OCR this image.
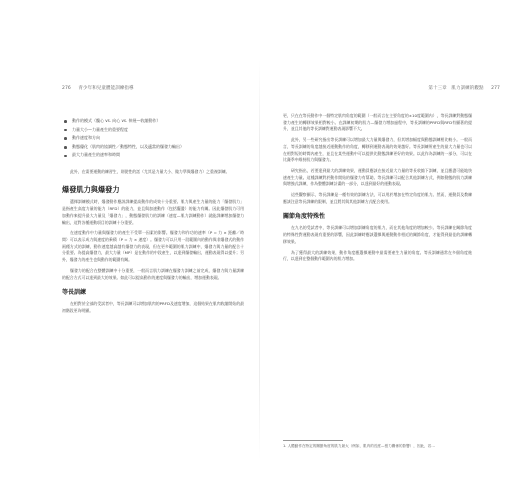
276 青少年和兒童體能訓練指導
動作的模式（髖心 vs. 向心 vs. 伸展—收縮動作）
力量大小—力量產生的重要程度
動作速度和方向
動態優化（肌肉的協調性／動態特性，以及適當的爆發力輸出）
最大力量產生的速率和時間

此外，在需要運動的練習生，則從性的話（尤其是力量大小、做力學與爆發力）之重複訓練。

爆發肌力與爆發力

選擇訓練模式時，爆發動作應該訓練提高動作的成效十分重要。肌力與產生力量的能力「爆發肌力」是指產生高度力量的能力（RFD）的能力，並且與加速動作（包括擺盪）的能力有關。因此爆發肌力可用加動作來提升最大力量及「爆發力」，動態爆發肌力的訓練（速度—肌力訓練動作）就能訓練增加爆發力輸出，這對各種運動項目的訓練十分重要。

在速度動作中力量與爆發力的產生不受單一因素的影響。爆發力和作功的速率（P = 力 × 距離／時間）可以表示成力與速度的乘積（P = 力 × 速度）。爆發力可以只用一段範圍內的動作與非爆發式的動作兩種方式的訓練，動作速度越高越有爆發力的表現，但在更多範圍的肌力訓練中，爆發力與力量的配合十分重要。為提高爆發力，最大力量（MP）是在動作的中段產生，以達到爆發輸出，運動表現得以提升；另外，爆發力的產生也與動作的範圍有關。

爆發力的配合在整體訓練中十分重要，一般而言肌力訓練在爆發力訓練之前完成，爆發力與力量訓練的配合方式可以達到最大的效果。如此可以提高動作的速度與爆發力的輸出，增加運動表現。

等長訓練

在相對於全部的受試者中，等長訓練可以增加肌肉的PRFD及速度增加，這個結果在肌肉收縮開始的最初階段更為明顯。

第十三章　肌力訓練的觀點 277

更，只在在等長動作中一個特定肌肉角度的範圍（一般而言在主要角度的±10度範圍內），等長訓練對動態爆發力產生的轉移效果相對較小。在訓練初期的肌力—爆發力增加過程中，等長訓練的PRFD與RFD有顯著的提升，並且其他的等長訓練對運動表現影響不大。

此外，另一些研究指出等長訓練可以增加最大力量與爆發力，但其增加幅度與動態訓練相比較小。一般而言，等長訓練的角度越接近運動動作的角度，轉移到運動表現的效果越好。等長訓練所產生的最大力量也可以在相對短的時間內產生，並且在某些運動中可以提供比動態訓練更好的效果。以此作為訓練的一部分，可以在比賽季中維持肌力與爆發力。

研究指出，若要達到最大的訓練效果，運動員應該在接近最大力量的等長收縮下訓練，並且應盡可能地快速產生力量。這種訓練對於動作開始的爆發力有幫助。等長訓練可以配合其他訓練方式，例如動態的肌力訓練與增強式訓練，作為整體訓練計畫的一部分，以達到最好的運動表現。

這些觀察顯示，等長訓練是一種有效的訓練方法，可以用於增加在特定角度的肌力。然而，運動員及教練應該注意等長訓練的限制，並且將其與其他訓練方式配合使用。

關節角度特殊性

在九名的受試者中，等長訓練可以增加訓練角度的肌力，而在其他角度的增加較少。等長訓練在關節角度的特殊性對運動表現有重要的影響，因此訓練時應該選擇與運動動作相近的關節角度，才能得到最佳的訓練轉移效果。

為了獲得最大的訓練效果，動作角度應選擇運動中最需要產生力量的角度。等長訓練通常在多個角度進行，以達到在整個動作範圍內的肌力增加。

1. 人體動作在特定的關節角度的肌力最大（例如，肌肉的長度—張力關係的影響），因此，若…
